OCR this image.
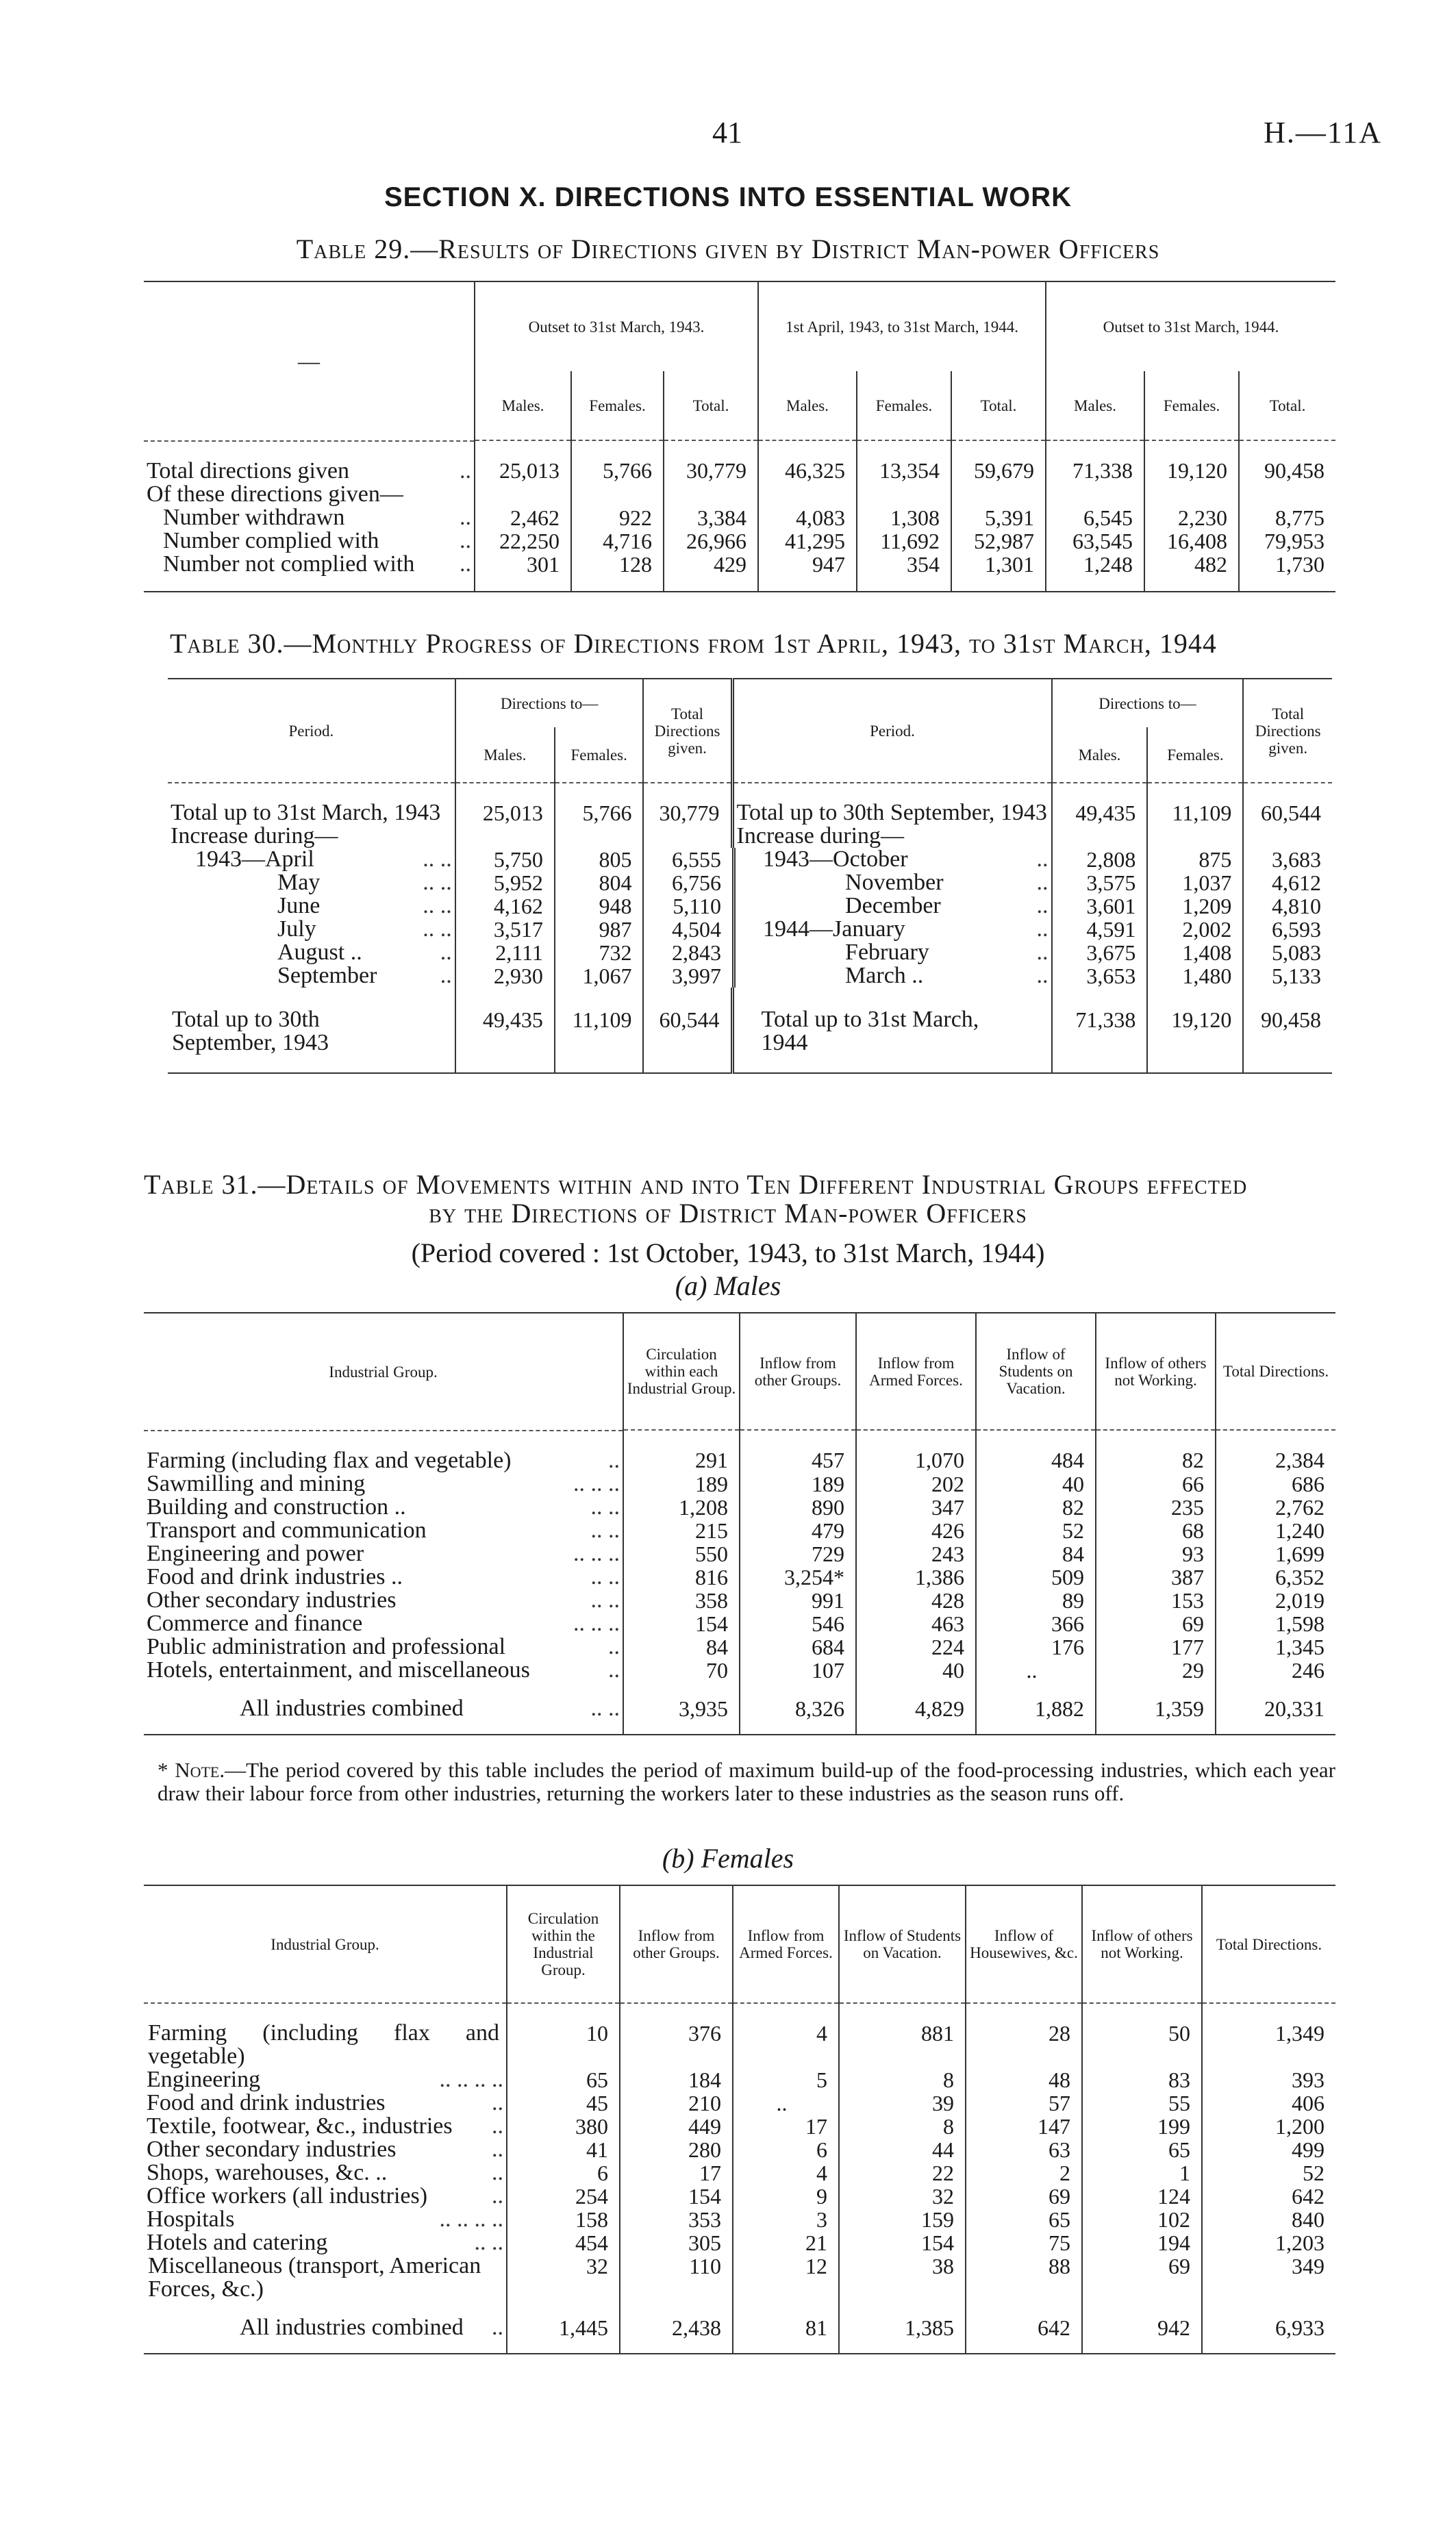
41	H.—11A
SECTION X. DIRECTIONS INTO ESSENTIAL WORK
Table 29.—Results of Directions given by District Man-power Officers
—	Outset to 31st March, 1943.			1st April, 1943, to 31st March, 1944.			Outset to 31st March, 1944.		
	Males.	Females.	Total.	Males.	Females.	Total.	Males.	Females.	Total.

Total directions given	.. 25,013	5,766	30,779	46,325	13,354	59,679	71,338	19,120	90,458
Of these directions given—									

Number withdrawn	.. 2,462	922	3,384	4,083	1,308	5,391	6,545	2,230	8,775

Number complied with	.. 22,250	4,716	26,966	41,295	11,692	52,987	63,545	16,408	79,953

Number not complied with ..	301	128	429	947	354	1,301	1,248	482	1,730
Table 30.—Monthly Progress of Directions from 1st April, 1943, to 31st March, 1944
Period.	Directions to—		Total Directions given.	Period.	Directions to—		Total Directions given.
	Males.	Females.			Males.	Females.	
Total up to 31st March, 1943	25,013	5,766	30,779	Total up to 30th September, 1943	49,435	11,109	60,544
Increase during—				Increase during—			

1943—April	.. .. 5,750	805	6,555	1943—October	.. 2,808	875	3,683

May	.. .. 5,952	804	6,756		November	.. 3,575	1,037	4,612

June	.. .. 4,162	948	5,110		December	.. 3,601	1,209	4,810

July	.. .. 3,517	987	4,504	1944—January	.. 4,591	2,002	6,593

August ..	.. 2,111	732	2,843		February	.. 3,675	1,408	5,083

September	.. 2,930	1,067	3,997		March ..	.. 3,653	1,480	5,133
Total up to 30th September, 1943	49,435	11,109	60,544	Total up to 31st March, 1944	71,338	19,120	90,458
Table 31.—Details of Movements within and into Ten Different Industrial Groups effected
by the Directions of District Man-power Officers
(Period covered : 1st October, 1943, to 31st March, 1944)
(a) Males
Industrial Group.	Circulation within each Industrial Group.	Inflow from other Groups.	Inflow from Armed Forces.	Inflow of Students on Vacation.	Inflow of others not Working.	Total Directions.

Farming (including flax and vegetable)	..	291	457	1,070	484	82	2,384

Sawmilling and mining	.. .. ..	189	189	202	40	66	686

Building and construction ..	.. ..	1,208	890	347	82	235	2,762

Transport and communication	.. ..	215	479	426	52	68	1,240

Engineering and power	.. .. ..	550	729	243	84	93	1,699

Food and drink industries ..	.. ..	816	3,254*	1,386	509	387	6,352

Other secondary industries	.. ..	358	991	428	89	153	2,019

Commerce and finance	.. .. ..	154	546	463	366	69	1,598

Public administration and professional	..	84	684	224	176	177	1,345

Hotels, entertainment, and miscellaneous	..	70	107	40	..	29	246

All industries combined	.. ..	3,935	8,326	4,829	1,882	1,359	20,331
* Note.—The period covered by this table includes the period of maximum build-up of the food-processing industries, which each year draw their labour force from other industries, returning the workers later to these industries as the season runs off.
(b) Females
Industrial Group.	Circulation within the Industrial Group.	Inflow from other Groups.	Inflow from Armed Forces.	Inflow of Students on Vacation.	Inflow of Housewives, &c.	Inflow of others not Working.	Total Directions.
Farming (including flax and vegetable)	10	376	4	881	28	50	1,349

Engineering	.. .. .. ..	65	184	5	8	48	83	393

Food and drink industries	..	45	210	..	39	57	55	406

Textile, footwear, &c., industries ..	380	449	17	8	147	199	1,200

Other secondary industries	..	41	280	6	44	63	65	499

Shops, warehouses, &c. ..	..	6	17	4	22	2	1	52

Office workers (all industries)	..	254	154	9	32	69	124	642

Hospitals	.. .. .. ..	158	353	3	159	65	102	840

Hotels and catering	.. ..	454	305	21	154	75	194	1,203
Miscellaneous (transport, American Forces, &c.)	32	110	12	38	88	69	349

All industries combined ..	1,445	2,438	81	1,385	642	942	6,933
